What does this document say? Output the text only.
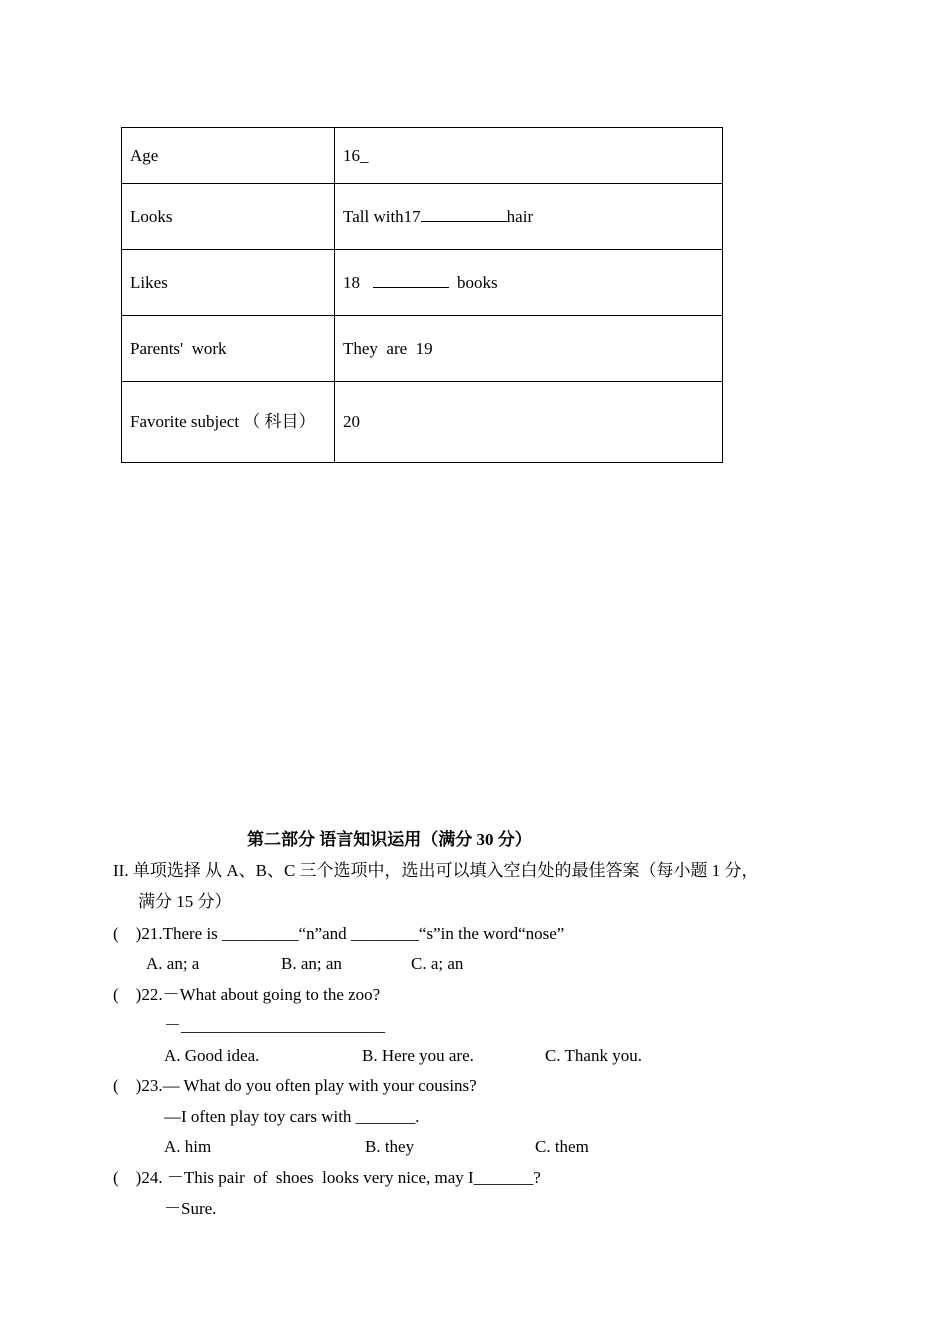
Age	16_
Looks	Tall with17 hair
Likes	18 books
Parents'  work	They  are  19
Favorite subject （ 科目）	20
第二部分 语言知识运用（满分 30 分）
II. 单项选择 从 A、B、C 三个选项中，选出可以填入空白处的最佳答案（每小题 1 分，
满分 15 分）
(    )21.There is _________“n”and ________“s”in the word“nose”
A. an; a	B. an; an	C. a; an
(    )22.－What about going to the zoo?
－________________________
A. Good idea.	B. Here you are.	C. Thank you.
(    )23.— What do you often play with your cousins?
—I often play toy cars with _______.
A. him	B. they	C. them
(    )24. －This pair  of  shoes  looks very nice, may I_______?
－Sure.
